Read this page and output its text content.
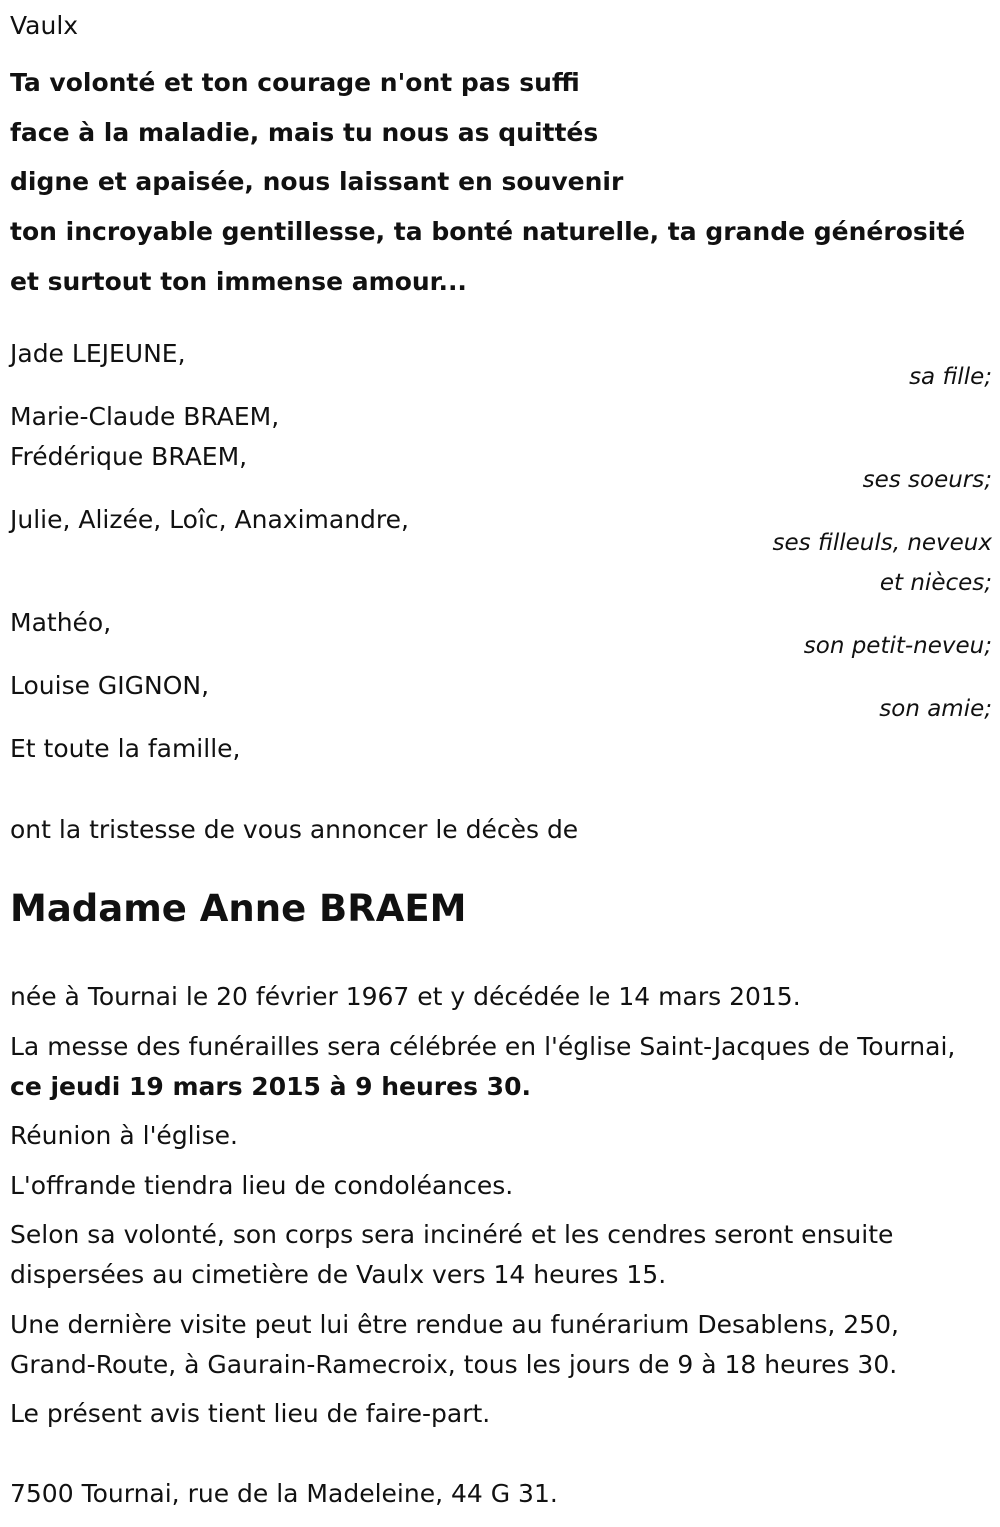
Vaulx
Ta volonté et ton courage n'ont pas suffi
face à la maladie, mais tu nous as quittés
digne et apaisée, nous laissant en souvenir
ton incroyable gentillesse, ta bonté naturelle, ta grande générosité
et surtout ton immense amour...
Jade LEJEUNE,
sa fille;
Marie-Claude BRAEM,
Frédérique BRAEM,
ses soeurs;
Julie, Alizée, Loîc, Anaximandre,
ses filleuls, neveux
et nièces;
Mathéo,
son petit-neveu;
Louise GIGNON,
son amie;
Et toute la famille,
ont la tristesse de vous annoncer le décès de
Madame Anne BRAEM

née à Tournai le 20 février 1967 et y décédée le 14 mars 2015.

La messe des funérailles sera célébrée en l'église Saint-Jacques de Tournai, ce jeudi 19 mars 2015 à 9 heures 30.

Réunion à l'église.

L'offrande tiendra lieu de condoléances.

Selon sa volonté, son corps sera incinéré et les cendres seront ensuite dispersées au cimetière de Vaulx vers 14 heures 15.

Une dernière visite peut lui être rendue au funérarium Desablens, 250, Grand-Route, à Gaurain-Ramecroix, tous les jours de 9 à 18 heures 30.

Le présent avis tient lieu de faire-part.

7500 Tournai, rue de la Madeleine, 44 G 31.
